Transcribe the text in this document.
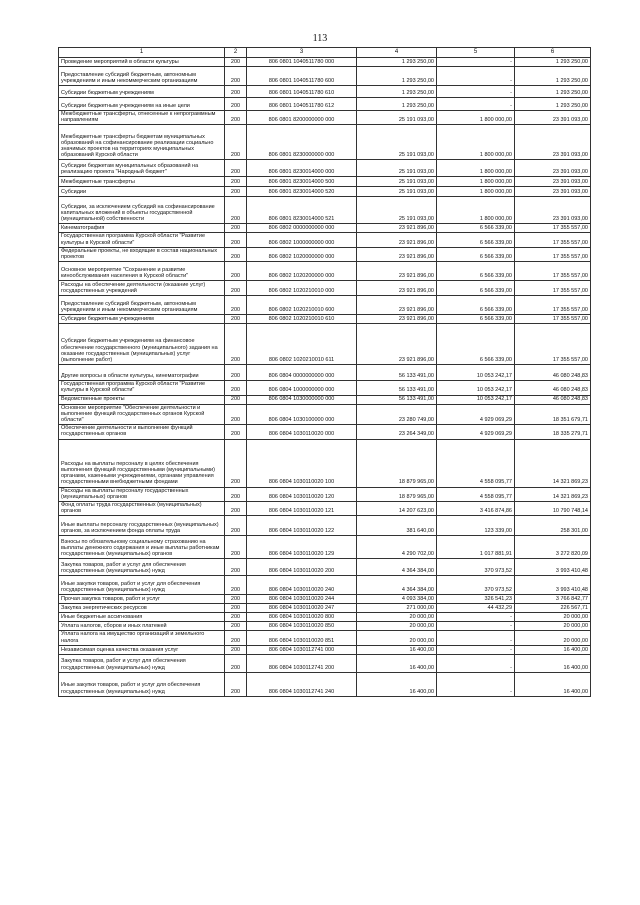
113
1	2	3	4	5	6
Проведение мероприятий в области культуры	200	806 0801 1040511780 000	1 293 250,00	-	1 293 250,00
Предоставление субсидий бюджетным, автономным учреждениям и иным некоммерческим организациям	200	806 0801 1040511780 600	1 293 250,00	-	1 293 250,00
Субсидии бюджетным учреждениям	200	806 0801 1040511780 610	1 293 250,00	-	1 293 250,00
Субсидии бюджетным учреждениям на иные цели	200	806 0801 1040511780 612	1 293 250,00	-	1 293 250,00
Межбюджетные трансферты, отнесенные к непрограммным направлениям	200	806 0801 8200000000 000	25 191 093,00	1 800 000,00	23 391 093,00
Межбюджетные трансферты бюджетам муниципальных образований на софинансирование реализации социально значимых проектов на территориях муниципальных образований Курской области	200	806 0801 8230000000 000	25 191 093,00	1 800 000,00	23 391 093,00
Субсидии бюджетам муниципальных образований на реализацию проекта "Народный бюджет"	200	806 0801 8230014000 000	25 191 093,00	1 800 000,00	23 391 093,00
Межбюджетные трансферты	200	806 0801 8230014000 500	25 191 093,00	1 800 000,00	23 391 093,00
Субсидии	200	806 0801 8230014000 520	25 191 093,00	1 800 000,00	23 391 093,00
Субсидии, за исключением субсидий на софинансирование капитальных вложений в объекты государственной (муниципальной) собственности	200	806 0801 8230014000 521	25 191 093,00	1 800 000,00	23 391 093,00
Кинематография	200	806 0802 0000000000 000	23 921 896,00	6 566 339,00	17 355 557,00
Государственная программа Курской области "Развитие культуры в Курской области"	200	806 0802 1000000000 000	23 921 896,00	6 566 339,00	17 355 557,00
Федеральные проекты, не входящие в состав национальных проектов	200	806 0802 1020000000 000	23 921 896,00	6 566 339,00	17 355 557,00
Основное мероприятие "Сохранение и развитие кинообслуживания населения в Курской области"	200	806 0802 1020200000 000	23 921 896,00	6 566 339,00	17 355 557,00
Расходы на обеспечение деятельности (оказание услуг) государственных учреждений	200	806 0802 1020210010 000	23 921 896,00	6 566 339,00	17 355 557,00
Предоставление субсидий бюджетным, автономным учреждениям и иным некоммерческим организациям	200	806 0802 1020210010 600	23 921 896,00	6 566 339,00	17 355 557,00
Субсидии бюджетным учреждениям	200	806 0802 1020210010 610	23 921 896,00	6 566 339,00	17 355 557,00
Субсидии бюджетным учреждениям на финансовое обеспечение государственного (муниципального) задания на оказание государственных (муниципальных) услуг (выполнение работ)	200	806 0802 1020210010 611	23 921 896,00	6 566 339,00	17 355 557,00
Другие вопросы в области культуры, кинематографии	200	806 0804 0000000000 000	56 133 491,00	10 053 242,17	46 080 248,83
Государственная программа Курской области "Развитие культуры в Курской области"	200	806 0804 1000000000 000	56 133 491,00	10 053 242,17	46 080 248,83
Ведомственные проекты	200	806 0804 1030000000 000	56 133 491,00	10 053 242,17	46 080 248,83
Основное мероприятие "Обеспечение деятельности и выполнение функций государственных органов Курской области"	200	806 0804 1030100000 000	23 280 749,00	4 929 069,29	18 351 679,71
Обеспечение деятельности и выполнение функций государственных органов	200	806 0804 1030110020 000	23 264 349,00	4 929 069,29	18 335 279,71
Расходы на выплаты персоналу в целях обеспечения выполнения функций государственными (муниципальными) органами, казенными учреждениями, органами управления государственными внебюджетными фондами	200	806 0804 1030110020 100	18 879 965,00	4 558 095,77	14 321 869,23
Расходы на выплаты персоналу государственных (муниципальных) органов	200	806 0804 1030110020 120	18 879 965,00	4 558 095,77	14 321 869,23
Фонд оплаты труда государственных (муниципальных) органов	200	806 0804 1030110020 121	14 207 623,00	3 416 874,86	10 790 748,14
Иные выплаты персоналу государственных (муниципальных) органов, за исключением фонда оплаты труда	200	806 0804 1030110020 122	381 640,00	123 339,00	258 301,00
Взносы по обязательному социальному страхованию на выплаты денежного содержания и иные выплаты работникам государственных (муниципальных) органов	200	806 0804 1030110020 129	4 290 702,00	1 017 881,91	3 272 820,09
Закупка товаров, работ и услуг для обеспечения государственных (муниципальных) нужд	200	806 0804 1030110020 200	4 364 384,00	370 973,52	3 993 410,48
Иные закупки товаров, работ и услуг для обеспечения государственных (муниципальных) нужд	200	806 0804 1030110020 240	4 364 384,00	370 973,52	3 993 410,48
Прочая закупка товаров, работ и услуг	200	806 0804 1030110020 244	4 093 384,00	326 541,23	3 766 842,77
Закупка энергетических ресурсов	200	806 0804 1030110020 247	271 000,00	44 432,29	226 567,71
Иные бюджетные ассигнования	200	806 0804 1030110020 800	20 000,00	-	20 000,00
Уплата налогов, сборов и иных платежей	200	806 0804 1030110020 850	20 000,00	-	20 000,00
Уплата налога на имущество организаций и земельного налога	200	806 0804 1030110020 851	20 000,00	-	20 000,00
Независимая оценка качества оказания услуг	200	806 0804 1030112741 000	16 400,00	-	16 400,00
Закупка товаров, работ и услуг для обеспечения государственных (муниципальных) нужд	200	806 0804 1030112741 200	16 400,00	-	16 400,00
Иные закупки товаров, работ и услуг для обеспечения государственных (муниципальных) нужд	200	806 0804 1030112741 240	16 400,00	-	16 400,00
